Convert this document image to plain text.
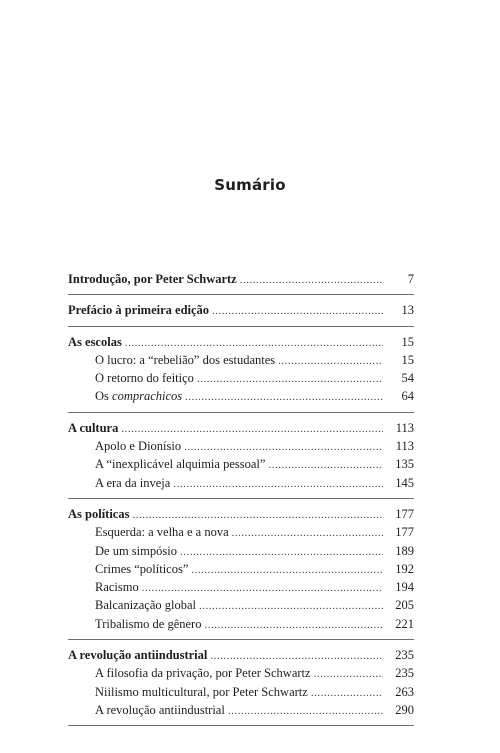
Sumário
Introdução, por Peter Schwartz .....	7
Prefácio à primeira edição .....	13
As escolas .....	15
O lucro: a “rebelião” dos estudantes .....	15
O retorno do feitiço .....	54
Os comprachicos .....	64
A cultura .....	113
Apolo e Dionísio .....	113
A “inexplicável alquimia pessoal” .....	135
A era da inveja .....	145
As políticas .....	177
Esquerda: a velha e a nova .....	177
De um simpósio .....	189
Crimes “políticos” .....	192
Racismo .....	194
Balcanização global .....	205
Tribalismo de gênero .....	221
A revolução antiindustrial .....	235
A filosofia da privação, por Peter Schwartz .....	235
Niilismo multicultural, por Peter Schwartz .....	263
A revolução antiindustrial .....	290
